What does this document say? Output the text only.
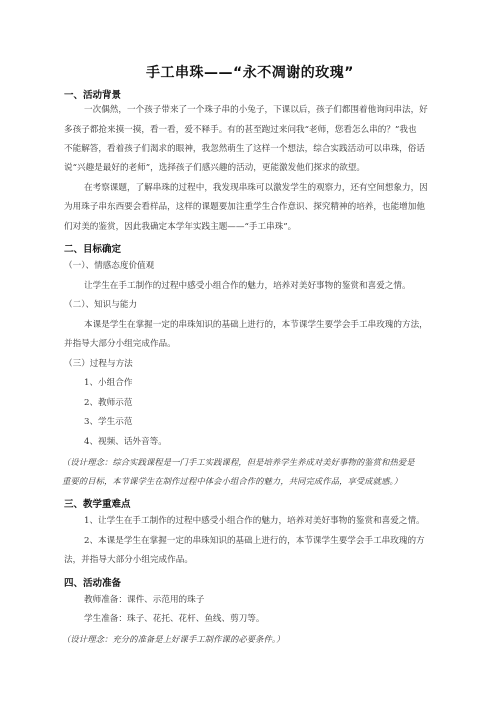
手工串珠——“永不凋谢的玫瑰”
一、活动背景
一次偶然，一个孩子带来了一个珠子串的小兔子，下课以后，孩子们都围着他询问串法，好
多孩子都抢来摸一摸，看一看，爱不释手。有的甚至跑过来问我“老师，您看怎么串的？”我也
不能解答，看着孩子们渴求的眼神，我忽然萌生了这样一个想法，综合实践活动可以串珠，俗话
说“兴趣是最好的老师”，选择孩子们感兴趣的活动，更能激发他们探求的欲望。
在考察课题，了解串珠的过程中，我发现串珠可以激发学生的观察力，还有空间想象力，因
为用珠子串东西要会看样品，这样的课题要加注重学生合作意识、探究精神的培养，也能增加他
们对美的鉴赏，因此我确定本学年实践主题——“手工串珠”。
二、目标确定
（一）、情感态度价值观
让学生在手工制作的过程中感受小组合作的魅力，培养对美好事物的鉴赏和喜爱之情。
（二）、知识与能力
本课是学生在掌握一定的串珠知识的基础上进行的，本节课学生要学会手工串玫瑰的方法，
并指导大部分小组完成作品。
（三）过程与方法
1、小组合作
2、教师示范
3、学生示范
4、视频、话外音等。
（设计理念：综合实践课程是一门手工实践课程，但是培养学生养成对美好事物的鉴赏和热爱是
重要的目标，本节课学生在制作过程中体会小组合作的魅力，共同完成作品，享受成就感。）
三、教学重难点
1、让学生在手工制作的过程中感受小组合作的魅力，培养对美好事物的鉴赏和喜爱之情。
2、本课是学生在掌握一定的串珠知识的基础上进行的，本节课学生要学会手工串玫瑰的方
法，并指导大部分小组完成作品。
四、活动准备
教师准备：课件、示范用的珠子
学生准备：珠子、花托、花杆、鱼线、剪刀等。
（设计理念：充分的准备是上好课手工制作课的必要条件。）
